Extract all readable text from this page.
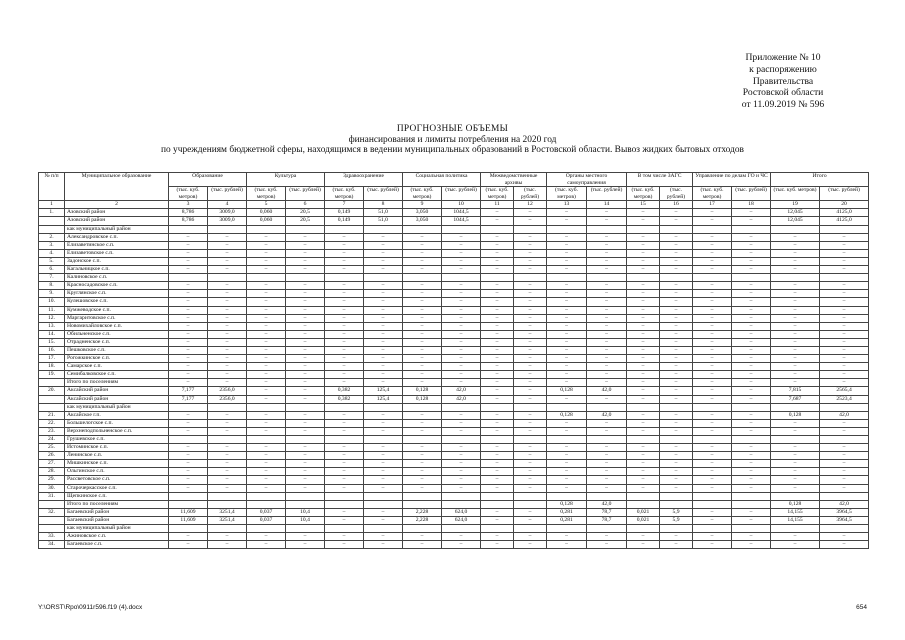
Приложение № 10
к распоряжению
Правительства
Ростовской области
от 11.09.2019 № 596
ПРОГНОЗНЫЕ ОБЪЕМЫ
финансирования и лимиты потребления на 2020 год
по учреждениям бюджетной сферы, находящимся в ведении муниципальных образований в Ростовской области. Вывоз жидких бытовых отходов
№ п/п	Муниципальное образование	Образование		Культура		Здравоохранение		Социальная политика		Межведомственные архивы		Органы местного самоуправления		В том числе ЗАГС		Управление по делам ГО и ЧС		Итого	
		(тыс. куб. метров)	(тыс. рублей)	(тыс. куб. метров)	(тыс. рублей)	(тыс. куб. метров)	(тыс. рублей)	(тыс. куб. метров)	(тыс. рублей)	(тыс. куб. метров)	(тыс. рублей)	(тыс. куб. метров)	(тыс. рублей)	(тыс. куб. метров)	(тыс. рублей)	(тыс. куб. метров)	(тыс. рублей)	(тыс. куб. метров)	(тыс. рублей)
1	2	3	4	5	6	7	8	9	10	11	12	13	14	15	16	17	18	19	20
1.	Азовский район	8,786	3009,0	0,060	20,5	0,149	51,0	3,050	1044,5	–	–	–	–	–	–	–	–	12,045	4125,0
	Азовский район	8,786	3009,0	0,060	20,5	0,149	51,0	3,050	1044,5	–	–	–	–	–	–	–	–	12,045	4125,0
	как муниципальный район																		
2.	Александровское с.п.	–	–	–	–	–	–	–	–	–	–	–	–	–	–	–	–	–	–
3.	Елизаветинское с.п.	–	–	–	–	–	–	–	–	–	–	–	–	–	–	–	–	–	–
4.	Елизаветовское с.п.	–	–	–	–	–	–	–	–	–	–	–	–	–	–	–	–	–	–
5.	Задонское с.п.	–	–	–	–	–	–	–	–	–	–	–	–	–	–	–	–	–	–
6.	Кагальницкое с.п.	–	–	–	–	–	–	–	–	–	–	–	–	–	–	–	–	–	–
7.	Калиновское с.п.																		
8.	Красносадовское с.п.	–	–	–	–	–	–	–	–	–	–	–	–	–	–	–	–	–	–
9.	Круглянское с.п.	–	–	–	–	–	–	–	–	–	–	–	–	–	–	–	–	–	–
10.	Кулешовское с.п.	–	–	–	–	–	–	–	–	–	–	–	–	–	–	–	–	–	–
11.	Кумжеводское с.п.	–	–	–	–	–	–	–	–	–	–	–	–	–	–	–	–	–	–
12.	Маргаритовское с.п.	–	–	–	–	–	–	–	–	–	–	–	–	–	–	–	–	–	–
13.	Новомихайловское с.п.	–	–	–	–	–	–	–	–	–	–	–	–	–	–	–	–	–	–
14.	Обильненское с.п.	–	–	–	–	–	–	–	–	–	–	–	–	–	–	–	–	–	–
15.	Отрадненское с.п.	–	–	–	–	–	–	–	–	–	–	–	–	–	–	–	–	–	–
16.	Пешковское с.п.	–	–	–	–	–	–	–	–	–	–	–	–	–	–	–	–	–	–
17.	Рогожкинское с.п.	–	–	–	–	–	–	–	–	–	–	–	–	–	–	–	–	–	–
18.	Самарское с.п.	–	–	–	–	–	–	–	–	–	–	–	–	–	–	–	–	–	–
19.	Семибалковское с.п.	–	–	–	–	–	–	–	–	–	–	–	–	–	–	–	–	–	–
	Итого по поселениям	–	–	–	–	–	–	–	–	–	–	–	–	–	–	–	–	–	–
20.	Аксайский район	7,177	2356,0	–	–	0,382	125,4	0,128	42,0	–	–	0,128	42,0	–	–	–	–	7,815	2565,4
	Аксайский район	7,177	2356,0	–	–	0,382	125,4	0,128	42,0	–	–	–	–	–	–	–	–	7,687	2523,4
	как муниципальный район																		
21.	Аксайское г.п.	–	–	–	–	–	–	–	–	–	–	0,128	42,0	–	–	–	–	0,128	42,0
22.	Большелогское с.п.	–	–	–	–	–	–	–	–	–	–	–	–	–	–	–	–	–	–
23.	Верхнеподпольненское с.п.	–	–	–	–	–	–	–	–	–	–	–	–	–	–	–	–	–	–
24.	Грушевское с.п.																		
25.	Истоминское с.п.	–	–	–	–	–	–	–	–	–	–	–	–	–	–	–	–	–	–
26.	Ленинское с.п.	–	–	–	–	–	–	–	–	–	–	–	–	–	–	–	–	–	–
27.	Мишкинское с.п.	–	–	–	–	–	–	–	–	–	–	–	–	–	–	–	–	–	–
28.	Ольгинское с.п.	–	–	–	–	–	–	–	–	–	–	–	–	–	–	–	–	–	–
29.	Рассветовское с.п.	–	–	–	–	–	–	–	–	–	–	–	–	–	–	–	–	–	–
30.	Старочеркасское с.п.	–	–	–	–	–	–	–	–	–	–	–	–	–	–	–	–	–	–
31.	Щепкинское с.п.																		
	Итого по поселениям											0,128	42,0					0,128	42,0
32.	Багаевский район	11,609	3251,4	0,037	10,4	–	–	2,228	624,0	–	–	0,281	78,7	0,021	5,9	–	–	14,155	3964,5
	Багаевский район	11,609	3251,4	0,037	10,4	–	–	2,228	624,0	–	–	0,281	78,7	0,021	5,9	–	–	14,155	3964,5
	как муниципальный район																		
33.	Ажиновское с.п.	–	–	–	–	–	–	–	–	–	–	–	–	–	–	–	–	–	–
34.	Багаевское с.п.	–	–	–	–	–	–	–	–	–	–	–	–	–	–	–	–	–	–
Y:\ORST\Rpo\0911r596.f19 (4).docx	654
